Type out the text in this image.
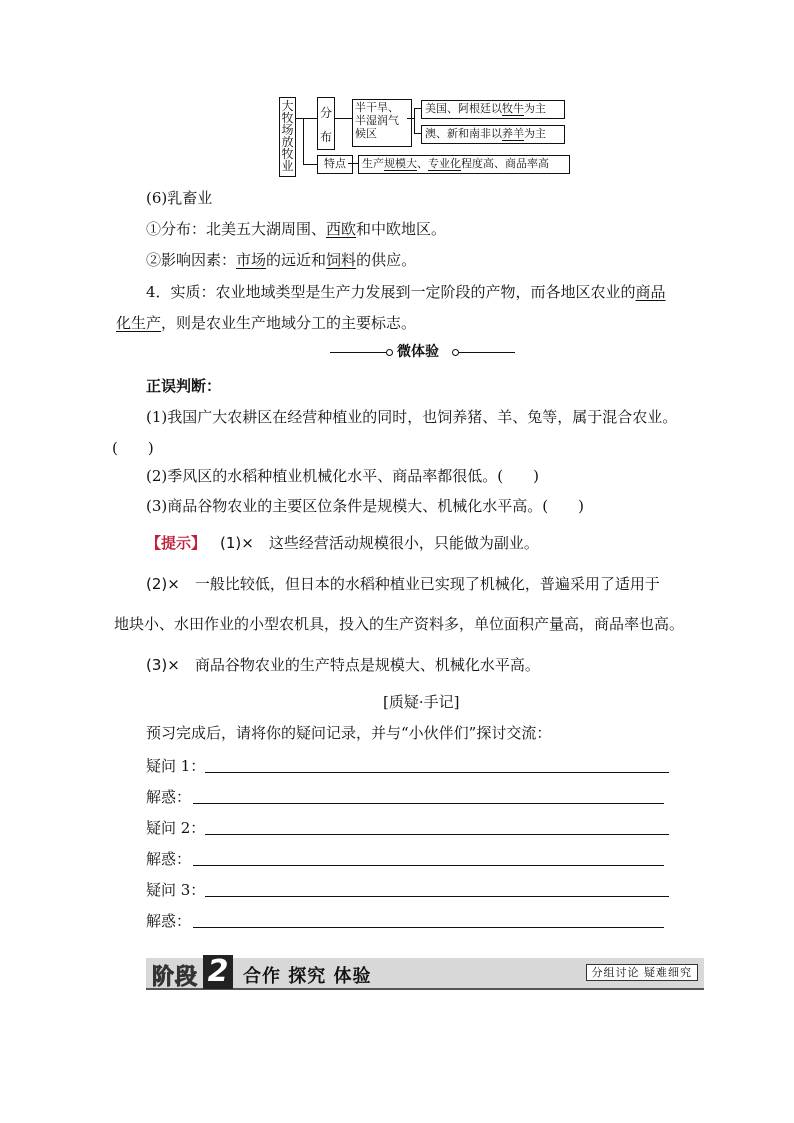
大牧场放牧业
分布
半干旱、半湿润气候区
美国、阿根廷以牧牛为主
澳、新和南非以养羊为主
特点	生产规模大、专业化程度高、商品率高
(6)乳畜业
①分布：北美五大湖周围、西欧和中欧地区。
②影响因素：市场的远近和饲料的供应。
4．实质：农业地域类型是生产力发展到一定阶段的产物，而各地区农业的商品
化生产，则是农业生产地域分工的主要标志。
微体验
正误判断：
(1)我国广大农耕区在经营种植业的同时，也饲养猪、羊、兔等，属于混合农业。
(　　)
(2)季风区的水稻种植业机械化水平、商品率都很低。(　　)
(3)商品谷物农业的主要区位条件是规模大、机械化水平高。(　　)
【提示】 (1)×　这些经营活动规模很小，只能做为副业。
(2)×　一般比较低，但日本的水稻种植业已实现了机械化，普遍采用了适用于
地块小、水田作业的小型农机具，投入的生产资料多，单位面积产量高，商品率也高。
(3)×　商品谷物农业的生产特点是规模大、机械化水平高。
[质疑·手记]
预习完成后，请将你的疑问记录，并与“小伙伴们”探讨交流：
疑问 1：
解惑：
疑问 2：
解惑：
疑问 3：
解惑：
阶段 2 合作 探究 体验	分组讨论 疑难细究
